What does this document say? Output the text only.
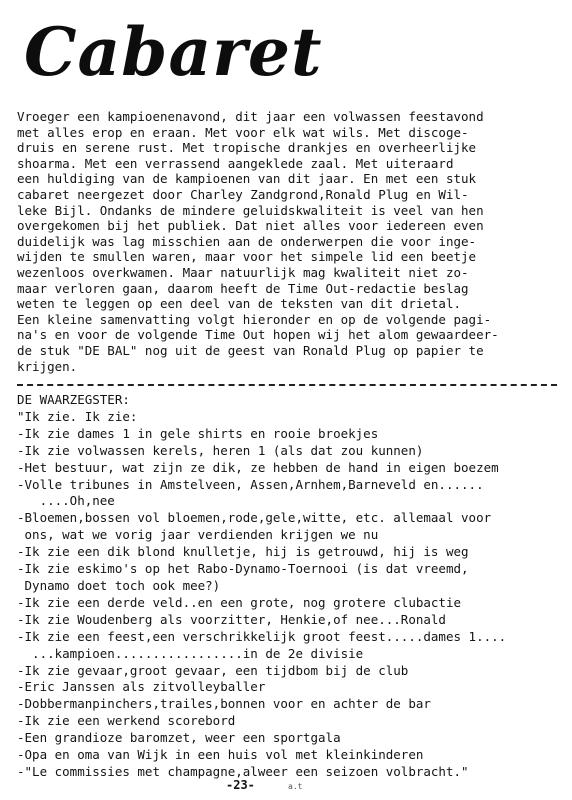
Cabaret
Vroeger een kampioenenavond, dit jaar een volwassen feestavond
met alles erop en eraan. Met voor elk wat wils. Met discoge-
druis en serene rust. Met tropische drankjes en overheerlijke
shoarma. Met een verrassend aangeklede zaal. Met uiteraard
een huldiging van de kampioenen van dit jaar. En met een stuk
cabaret neergezet door Charley Zandgrond,Ronald Plug en Wil-
leke Bijl. Ondanks de mindere geluidskwaliteit is veel van hen
overgekomen bij het publiek. Dat niet alles voor iedereen even
duidelijk was lag misschien aan de onderwerpen die voor inge-
wijden te smullen waren, maar voor het simpele lid een beetje
wezenloos overkwamen. Maar natuurlijk mag kwaliteit niet zo-
maar verloren gaan, daarom heeft de Time Out-redactie beslag
weten te leggen op een deel van de teksten van dit drietal.
Een kleine samenvatting volgt hieronder en op de volgende pagi-
na's en voor de volgende Time Out hopen wij het alom gewaardeer-
de stuk "DE BAL" nog uit de geest van Ronald Plug op papier te
krijgen.
DE WAARZEGSTER:
"Ik zie. Ik zie:
-Ik zie dames 1 in gele shirts en rooie broekjes
-Ik zie volwassen kerels, heren 1 (als dat zou kunnen)
-Het bestuur, wat zijn ze dik, ze hebben de hand in eigen boezem
-Volle tribunes in Amstelveen, Assen,Arnhem,Barneveld en......
....Oh,nee
-Bloemen,bossen vol bloemen,rode,gele,witte, etc. allemaal voor
ons, wat we vorig jaar verdienden krijgen we nu
-Ik zie een dik blond knulletje, hij is getrouwd, hij is weg
-Ik zie eskimo's op het Rabo-Dynamo-Toernooi (is dat vreemd,
Dynamo doet toch ook mee?)
-Ik zie een derde veld..en een grote, nog grotere clubactie
-Ik zie Woudenberg als voorzitter, Henkie,of nee...Ronald
-Ik zie een feest,een verschrikkelijk groot feest.....dames 1....
...kampioen.................in de 2e divisie
-Ik zie gevaar,groot gevaar, een tijdbom bij de club
-Eric Janssen als zitvolleyballer
-Dobbermanpinchers,trailes,bonnen voor en achter de bar
-Ik zie een werkend scorebord
-Een grandioze baromzet, weer een sportgala
-Opa en oma van Wijk in een huis vol met kleinkinderen
-"Le commissies met champagne,alweer een seizoen volbracht."
-23-	a.t
